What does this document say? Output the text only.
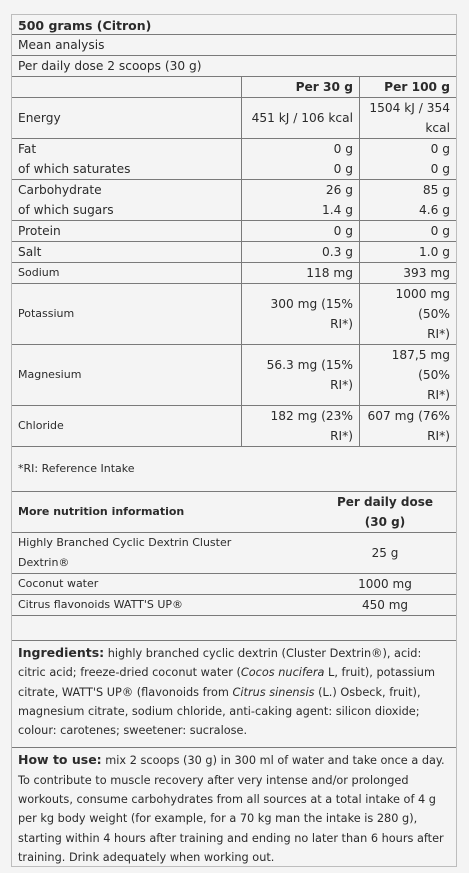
500 grams (Citron)
Mean analysis
Per daily dose 2 scoops (30 g)
	Per 30 g	Per 100 g
Energy	451 kJ / 106 kcal	1504 kJ / 354
kcal

Fat	0 g	0 g
of which saturates	0 g	0 g
Carbohydrate	26 g	85 g
of which sugars	1.4 g	4.6 g
Protein	0 g	0 g
Salt	0.3 g	1.0 g
Sodium	118 mg	393 mg
Potassium	300 mg (15% RI*)	1000 mg (50%
RI*)

Magnesium	56.3 mg (15% RI*)	187,5 mg (50%
RI*)

Chloride	182 mg (23% RI*)	607 mg (76%
RI*)
*RI: Reference Intake
More nutrition information	Per daily dose
(30 g)

Highly Branched Cyclic Dextrin Cluster
Dextrin®	25 g
Coconut water	1000 mg
Citrus flavonoids WATT'S UP®	450 mg
Ingredients: highly branched cyclic dextrin (Cluster Dextrin®), acid: citric acid; freeze-dried coconut water (Cocos nucifera L, fruit), potassium citrate, WATT'S UP® (flavonoids from Citrus sinensis (L.) Osbeck, fruit), magnesium citrate, sodium chloride, anti-caking agent: silicon dioxide; colour: carotenes; sweetener: sucralose.
How to use: mix 2 scoops (30 g) in 300 ml of water and take once a day. To contribute to muscle recovery after very intense and/or prolonged workouts, consume carbohydrates from all sources at a total intake of 4 g per kg body weight (for example, for a 70 kg man the intake is 280 g), starting within 4 hours after training and ending no later than 6 hours after training. Drink adequately when working out.
